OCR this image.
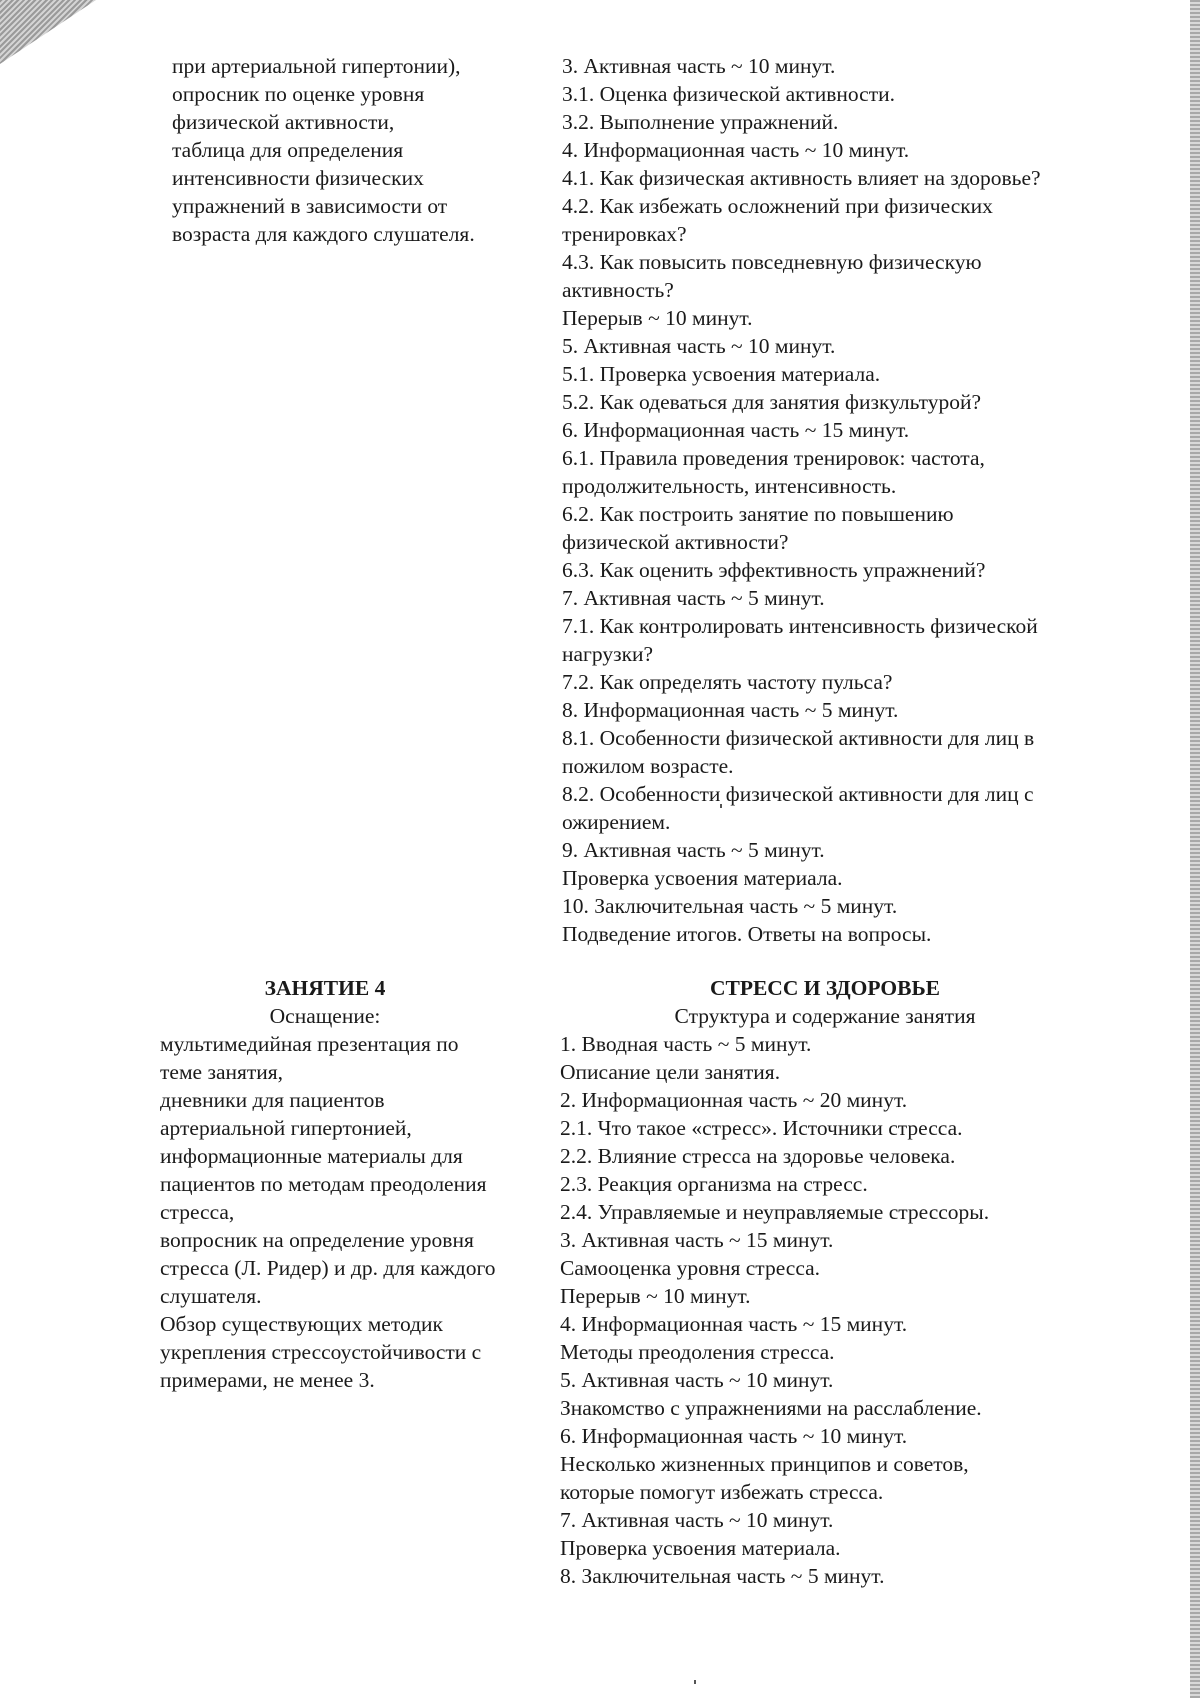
при артериальной гипертонии),
опросник по оценке уровня
физической активности,
таблица для определения
интенсивности физических
упражнений в зависимости от
возраста для каждого слушателя.
3. Активная часть ~ 10 минут.
3.1. Оценка физической активности.
3.2. Выполнение упражнений.
4. Информационная часть ~ 10 минут.
4.1. Как физическая активность влияет на здоровье?
4.2. Как избежать осложнений при физических
тренировках?
4.3. Как повысить повседневную физическую
активность?
Перерыв ~ 10 минут.
5. Активная часть ~ 10 минут.
5.1. Проверка усвоения материала.
5.2. Как одеваться для занятия физкультурой?
6. Информационная часть ~ 15 минут.
6.1. Правила проведения тренировок: частота,
продолжительность, интенсивность.
6.2. Как построить занятие по повышению
физической активности?
6.3. Как оценить эффективность упражнений?
7. Активная часть ~ 5 минут.
7.1. Как контролировать интенсивность физической
нагрузки?
7.2. Как определять частоту пульса?
8. Информационная часть ~ 5 минут.
8.1. Особенности физической активности для лиц в
пожилом возрасте.
8.2. Особенности физической активности для лиц с
ожирением.
9. Активная часть ~ 5 минут.
Проверка усвоения материала.
10. Заключительная часть ~ 5 минут.
Подведение итогов. Ответы на вопросы.
ЗАНЯТИЕ 4
Оснащение:
мультимедийная презентация по
теме занятия,
дневники для пациентов
артериальной гипертонией,
информационные материалы для
пациентов по методам преодоления
стресса,
вопросник на определение уровня
стресса (Л. Ридер) и др. для каждого
слушателя.
Обзор существующих методик
укрепления стрессоустойчивости с
примерами, не менее 3.
СТРЕСС И ЗДОРОВЬЕ
Структура и содержание занятия
1. Вводная часть ~ 5 минут.
Описание цели занятия.
2. Информационная часть ~ 20 минут.
2.1. Что такое «стресс». Источники стресса.
2.2. Влияние стресса на здоровье человека.
2.3. Реакция организма на стресс.
2.4. Управляемые и неуправляемые стрессоры.
3. Активная часть ~ 15 минут.
Самооценка уровня стресса.
Перерыв ~ 10 минут.
4. Информационная часть ~ 15 минут.
Методы преодоления стресса.
5. Активная часть ~ 10 минут.
Знакомство с упражнениями на расслабление.
6. Информационная часть ~ 10 минут.
Несколько жизненных принципов и советов,
которые помогут избежать стресса.
7. Активная часть ~ 10 минут.
Проверка усвоения материала.
8. Заключительная часть ~ 5 минут.
